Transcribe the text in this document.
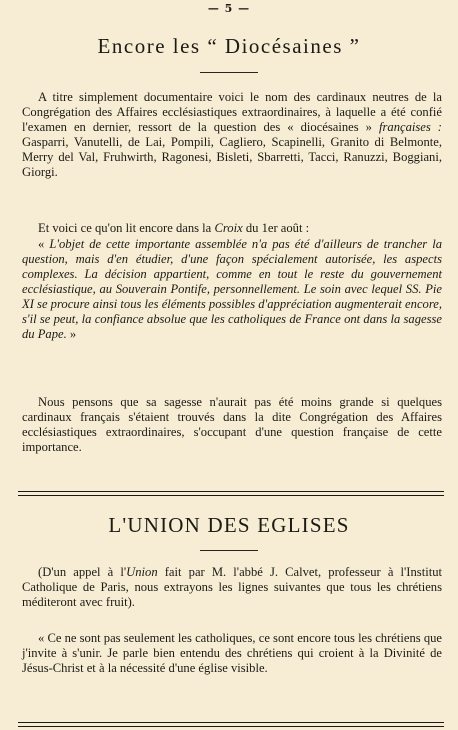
— 5 —
Encore les “ Diocésaines ”
A titre simplement documentaire voici le nom des cardinaux neutres de la Congrégation des Affaires ecclésiastiques extraordinaires, à laquelle a été confié l'examen en dernier, ressort de la question des « diocésaines » françaises : Gasparri, Vanutelli, de Lai, Pompili, Cagliero, Scapinelli, Granito di Belmonte, Merry del Val, Fruhwirth, Ragonesi, Bisleti, Sbarretti, Tacci, Ranuzzi, Boggiani, Giorgi.
Et voici ce qu'on lit encore dans la Croix du 1er août :
« L'objet de cette importante assemblée n'a pas été d'ailleurs de trancher la question, mais d'en étudier, d'une façon spécialement autorisée, les aspects complexes. La décision appartient, comme en tout le reste du gouvernement ecclésiastique, au Souverain Pontife, personnellement. Le soin avec lequel SS. Pie XI se procure ainsi tous les éléments possibles d'appréciation augmenterait encore, s'il se peut, la confiance absolue que les catholiques de France ont dans la sagesse du Pape. »
Nous pensons que sa sagesse n'aurait pas été moins grande si quelques cardinaux français s'étaient trouvés dans la dite Congrégation des Affaires ecclésiastiques extraordinaires, s'occupant d'une question française de cette importance.
L'UNION DES EGLISES
(D'un appel à l'Union fait par M. l'abbé J. Calvet, professeur à l'Institut Catholique de Paris, nous extrayons les lignes suivantes que tous les chrétiens méditeront avec fruit).
« Ce ne sont pas seulement les catholiques, ce sont encore tous les chrétiens que j'invite à s'unir. Je parle bien entendu des chrétiens qui croient à la Divinité de Jésus-Christ et à la nécessité d'une église visible.
